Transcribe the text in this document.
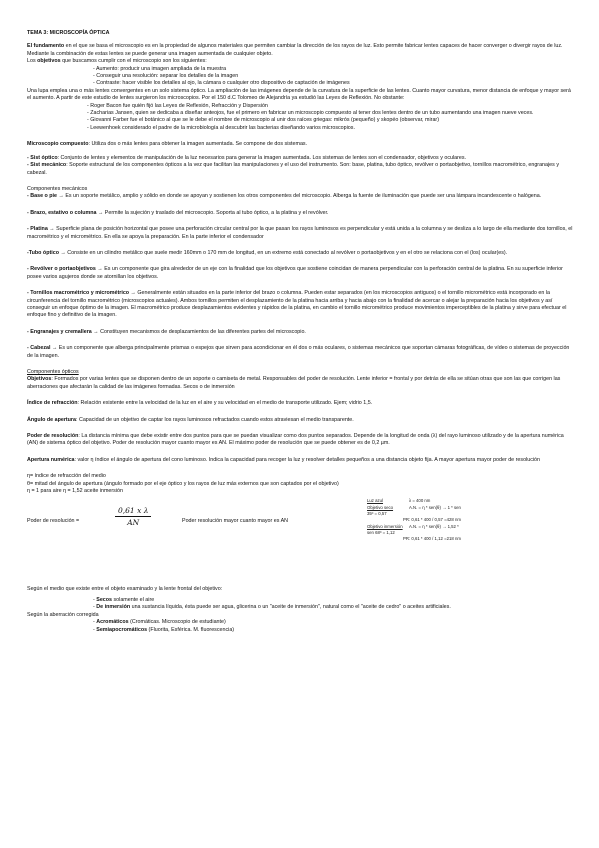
TEMA 3: MICROSCOPÍA ÓPTICA

El fundamento en el que se basa el microscopio es en la propiedad de algunos materiales que permiten cambiar la dirección de los rayos de luz. Esto permite fabricar lentes capaces de hacer converger o divergir rayos de luz. Mediante la combinación de estas lentes se puede generar una imagen aumentada de cualquier objeto.

Los objetivos que buscamos cumplir con el microscopio son los siguientes:

- Aumento: producir una imagen ampliada de la muestra
- Conseguir una resolución: separar los detalles de la imagen
- Contraste: hacer visible los detalles al ojo, la cámara o cualquier otro dispositivo de captación de imágenes

Una lupa emplea una o más lentes convergentes en un solo sistema óptico. La ampliación de las imágenes depende de la curvatura de la superficie de las lentes. Cuanto mayor curvatura, menor distancia de enfoque y mayor será el aumento. A partir de este estudio de lentes surgieron los microscopios. Por el 150 d.C Tolomeo de Alejandría ya estudió las Leyes de Reflexión. No obstante:

- Roger Bacon fue quién fijó las Leyes de Reflexión, Refracción y Dispersión
- Zacharias Jansen, quien se dedicaba a diseñar anteojos, fue el primero en fabricar un microscopio compuesto al tener dos lentes dentro de un tubo aumentando una imagen nueve veces.
- Giovanni Farber fue el botánico al que se le debe el nombre de microscopio al unir dos raíces griegas: mikrós (pequeño) y skopéo (observar, mirar)
- Leewenhoek considerado el padre de la microbiología al descubrir las bacterias diseñando varios microscopios.

Microscopio compuesto: Utiliza dos o más lentes para obtener la imagen aumentada. Se compone de dos sistemas.

- Sist óptico: Conjunto de lentes y elementos de manipulación de la luz necesarios para generar la imagen aumentada. Los sistemas de lentes son el condensador, objetivos y oculares.

- Sist mecánico: Soporte estructural de los componentes ópticos a la vez que facilitan las manipulaciones y el uso del instrumento. Son: base, platina, tubo óptico, revólver o portaobjetivo, tornillos macrométrico, engranajes y cabezal.

Componentes mecánicos

- Base o pie → Es un soporte metálico, amplio y sólido en donde se apoyan y sostienen los otros componentes del microscopio. Alberga la fuente de iluminación que puede ser una lámpara incandescente o halógena.

- Brazo, estativo o columna → Permite la sujeción y traslado del microscopio. Soporta al tubo óptico, a la platina y el revólver.

- Platina → Superficie plana de posición horizontal que posee una perforación circular central por la que pasan los rayos luminosos es perpendicular y está unida a la columna y se desliza a lo largo de ella mediante dos tornillos, el macrométrico y el micrométrico. En ella se apoya la preparación. En la parte inferior el condensador

-Tubo óptico → Consiste en un cilindro metálico que suele medir 160mm o 170 mm de longitud, en un extremo está conectado al revólver o portaobjetivos y en el otro se relaciona con el (los) ocular(es).

- Revólver o portaobjetivos → Es un componente que gira alrededor de un eje con la finalidad que los objetivos que sostiene coincidan de manera perpendicular con la perforación central de la platina. En su superficie inferior posee varios agujeros donde se atornillan los objetivos.

- Tornillos macrométrico y micrométrico → Generalmente están situados en la parte inferior del brazo o columna. Pueden estar separados (en los microscopios antiguos) o el tornillo micrométrico está incorporado en la circunferencia del tornillo macrométrico (microscopios actuales). Ambos tornillos permiten el desplazamiento de la platina hacia arriba y hacia abajo con la finalidad de acercar o alejar la preparación hacia los objetivos y así conseguir un enfoque óptimo de la imagen. El macrométrico produce desplazamientos evidentes y rápidos de la platina, en cambio el tornillo micrométrico produce movimientos imperceptibles de la platina y sirve para efectuar el enfoque fino y definitivo de la imagen.

- Engranajes y cremallera → Constituyen mecanismos de desplazamientos de las diferentes partes del microscopio.

- Cabezal → Es un componente que alberga principalmente prismas o espejos que sirven para acondicionar en él dos o más oculares, o sistemas mecánicos que soportan cámaras fotográficas, de vídeo o sistemas de proyección de la imagen.

Componentes ópticos

Objetivos: Formados por varias lentes que se disponen dentro de un soporte o camiseta de metal. Responsables del poder de resolución. Lente inferior = frontal y por detrás de ella se sitúan otras que son las que corrigen las aberraciones que afectarán la calidad de las imágenes formadas. Secos o de inmersión

Índice de refracción: Relación existente entre la velocidad de la luz en el aire y su velocidad en el medio de transporte utilizado. Ejem; vidrio 1,5.

Ángulo de apertura: Capacidad de un objetivo de captar los rayos luminosos refractados cuando estos atraviesan el medio transparente.

Poder de resolución: La distancia mínima que debe existir entre dos puntos para que se puedan visualizar como dos puntos separados. Depende de la longitud de onda (λ) del rayo luminoso utilizado y de la apertura numérica (AN) de sistema óptico del objetivo. Poder de resolución mayor cuanto mayor es AN. El máximo poder de resolución que se puede obtener es de 0,2 µm.

Apertura numérica: valor η índice el ángulo de apertura del cono luminoso. Indica la capacidad para recoger la luz y resolver detalles pequeños a una distancia objeto fija. A mayor apertura mayor poder de resolución

η= índice de refracción del medio

θ= mitad del ángulo de apertura (ángulo formado por el eje óptico y los rayos de luz más externos que son captados por el objetivo)

η = 1 para aire η = 1,52 aceite inmersión

Poder de resolución =	$\frac{\text{0,61 x λ}}{AN}$	Poder resolución mayor cuanto mayor es AN

Luz azul	λ = 400 nm
Objetivo seco	A.N. = η * sen(θ) → 1 * sen
35º = 0,57
PR: 0,61 * 400 / 0,57 =428 nm
Objetivo inmersión	A.N. = η * sen(θ) → 1,52 *
sen 68º = 1,12
PR: 0,61 * 400 / 1,12 =218 nm

Según el medio que existe entre el objeto examinado y la lente frontal del objetivo:

- Secos solamente el aire
- De inmersión una sustancia líquida, ésta puede ser agua, glicerina o un "aceite de inmersión", natural como el "aceite de cedro" o aceites artificiales.

Según la aberración corregida

- Acromáticos (Cromáticas. Microscopio de estudiante)
- Semiapocromáticos (Fluorita, Esférica. M. fluorescencia)
